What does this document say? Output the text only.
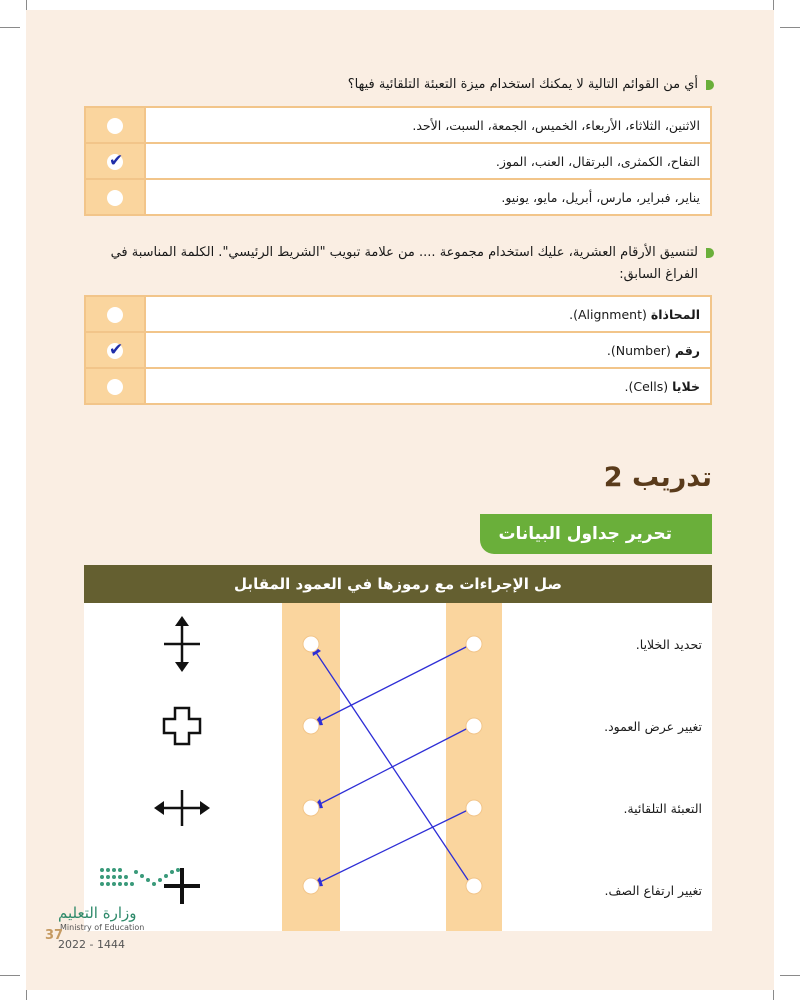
أي من القوائم التالية لا يمكنك استخدام ميزة التعبئة التلقائية فيها؟
	الاثنين، الثلاثاء، الأربعاء، الخميس، الجمعة، السبت، الأحد.

✔	التفاح، الكمثرى، البرتقال، العنب، الموز.
	يناير، فبراير، مارس، أبريل، مايو، يونيو.
لتنسيق الأرقام العشرية، عليك استخدام مجموعة .... من علامة تبويب "الشريط الرئيسي". الكلمة المناسبة في
الفراغ السابق:
	المحاذاة (Alignment).

✔	رقم (Number).
	خلايا (Cells).
تدريب 2
تحرير جداول البيانات
صل الإجراءات مع رموزها في العمود المقابل
تحديد الخلايا.
تغيير عرض العمود.
التعبئة التلقائية.
تغيير ارتفاع الصف.
وزارة التعليم
Ministry of Education
37
2022 - 1444
